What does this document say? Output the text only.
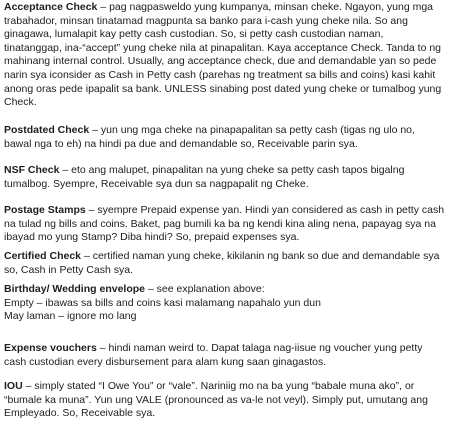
Acceptance Check – pag nagpasweldo yung kumpanya, minsan cheke. Ngayon, yung mga
trabahador, minsan tinatamad magpunta sa banko para i-cash yung cheke nila. So ang
ginagawa, lumalapit kay petty cash custodian. So, si petty cash custodian naman,
tinatanggap, ina-“accept” yung cheke nila at pinapalitan. Kaya acceptance Check. Tanda to ng
mahinang internal control. Usually, ang acceptance check, due and demandable yan so pede
narin sya iconsider as Cash in Petty cash (parehas ng treatment sa bills and coins) kasi kahit
anong oras pede ipapalit sa bank. UNLESS sinabing post dated yung cheke or tumalbog yung
Check.

Postdated Check – yun ung mga cheke na pinapapalitan sa petty cash (tigas ng ulo no,
bawal nga to eh) na hindi pa due and demandable so, Receivable parin sya.

NSF Check – eto ang malupet, pinapalitan na yung cheke sa petty cash tapos bigalng
tumalbog. Syempre, Receivable sya dun sa nagpapalit ng Cheke.

Postage Stamps – syempre Prepaid expense yan. Hindi yan considered as cash in petty cash
na tulad ng bills and coins. Baket, pag bumili ka ba ng kendi kina aling nena, papayag sya na
ibayad mo yung Stamp? Diba hindi? So, prepaid expenses sya.

Certified Check – certified naman yung cheke, kikilanin ng bank so due and demandable sya
so, Cash in Petty Cash sya.

Birthday/ Wedding envelope – see explanation above:
Empty – ibawas sa bills and coins kasi malamang napahalo yun dun
May laman – ignore mo lang

Expense vouchers – hindi naman weird to. Dapat talaga nag-iisue ng voucher yung petty
cash custodian every disbursement para alam kung saan ginagastos.

IOU – simply stated “I Owe You” or “vale”. Nariniig mo na ba yung “babale muna ako”, or
“bumale ka muna”. Yun ung VALE (pronounced as va-le not veyl). Simply put, umutang ang
Empleyado. So, Receivable sya.
